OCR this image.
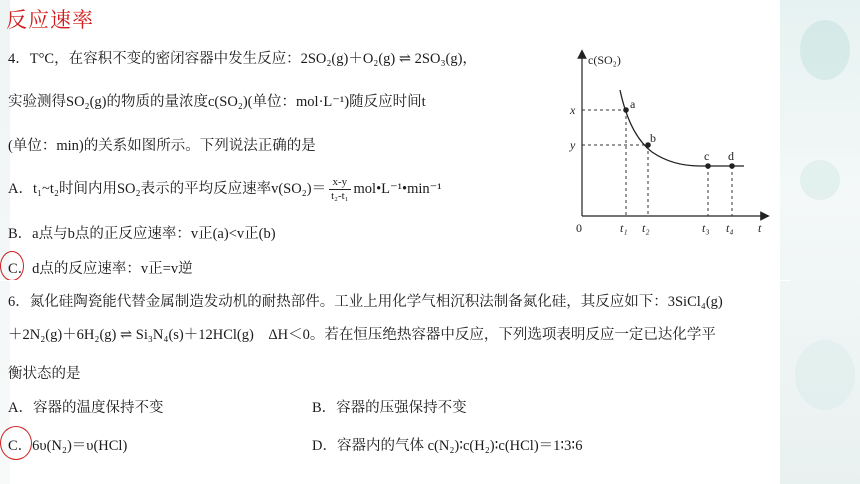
反应速率
4．T°C，在容积不变的密闭容器中发生反应：2SO₂(g)＋O₂(g) ⇌ 2SO₃(g)，
实验测得SO₂(g)的物质的量浓度c(SO₂)(单位：mol·L⁻¹)随反应时间t
(单位：min)的关系如图所示。下列说法正确的是
A．t₁~t₂时间内用SO₂表示的平均反应速率$v(SO_2)= \frac{x-y}{\text{t₂-t₁}}$ mol•L⁻¹•min⁻¹
B．a点与b点的正反应速率：v正(a)<v正(b)
C．d点的反应速率：v正=v逆
c(SO₂)
t
0
a
b
c d
x
y
t₁ t₂	t₃ t₄
6．氮化硅陶瓷能代替金属制造发动机的耐热部件。工业上用化学气相沉积法制备氮化硅，其反应如下：3SiCl₄(g)
＋2N₂(g)＋6H₂(g) ⇌ Si₃N₄(s)＋12HCl(g)　ΔH＜0。若在恒压绝热容器中反应，下列选项表明反应一定已达化学平
衡状态的是
A．容器的温度保持不变	B．容器的压强保持不变
C．6υ(N₂)＝υ(HCl)	D．容器内的气体 c(N₂)∶c(H₂)∶c(HCl)＝1∶3∶6
